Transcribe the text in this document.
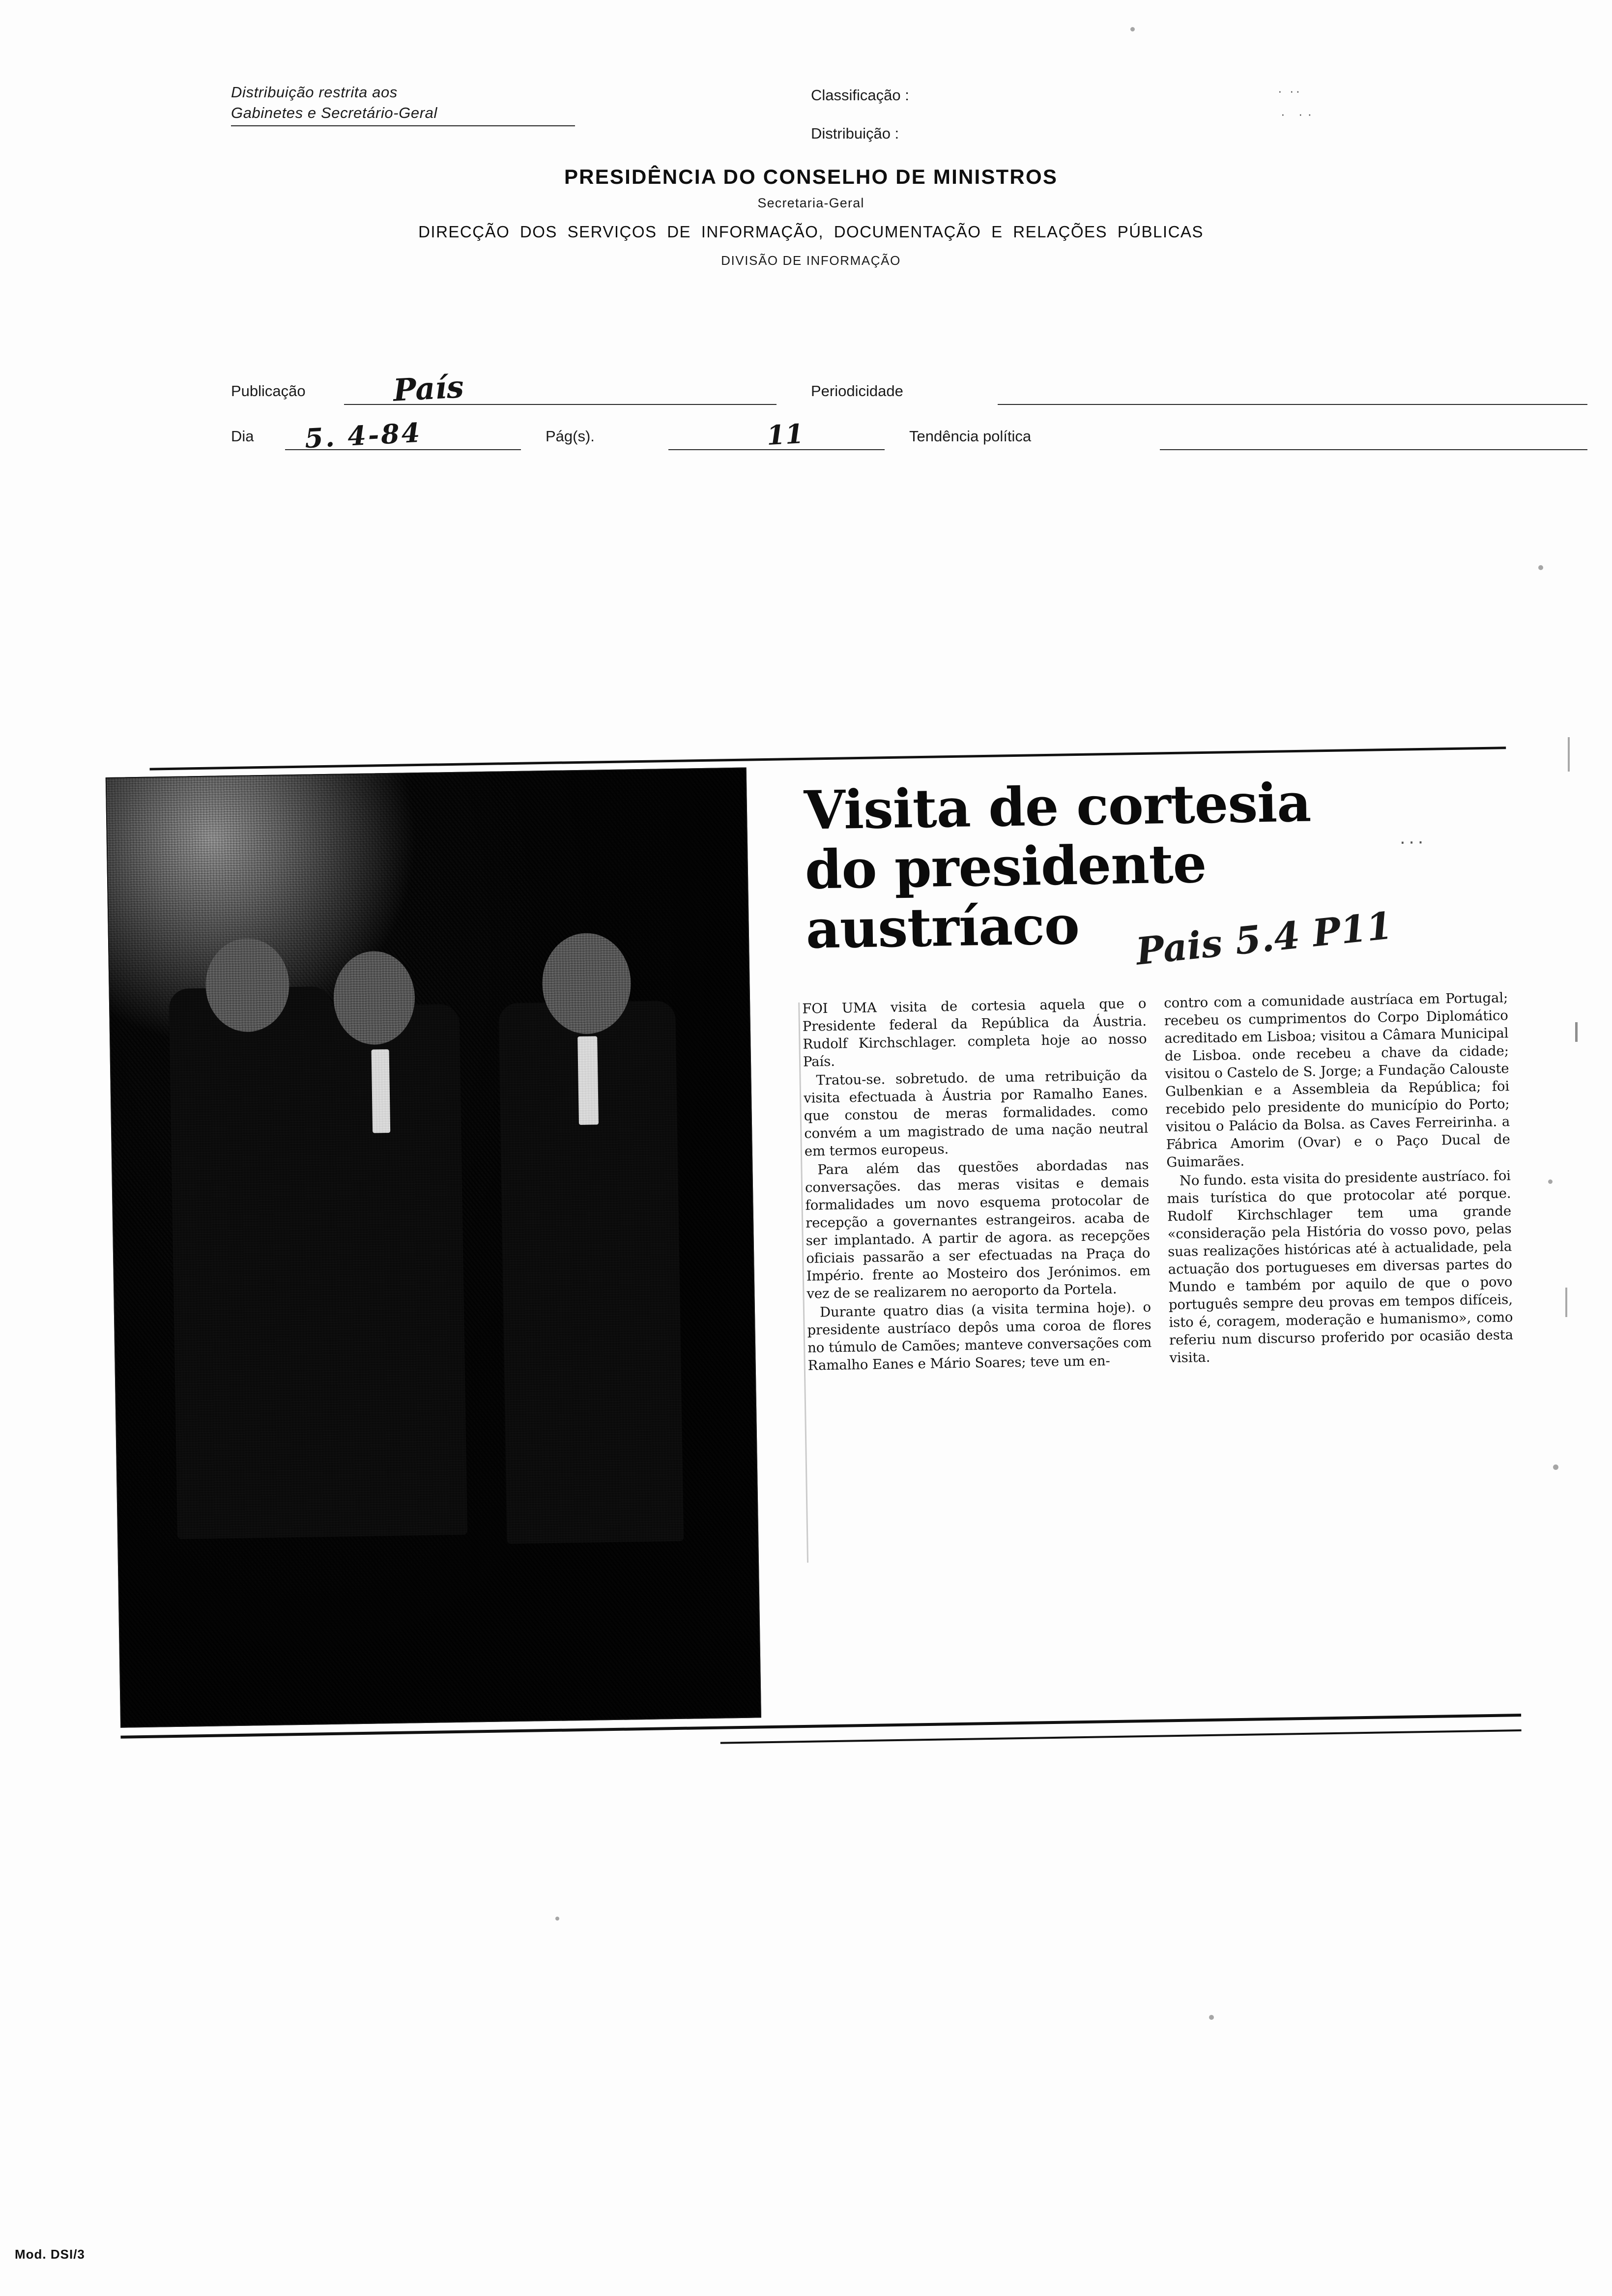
Distribuição restrita aos
Gabinetes e Secretário-Geral
Classificação :
Distribuição :
· ··
· ··
PRESIDÊNCIA DO CONSELHO DE MINISTROS
Secretaria-Geral
DIRECÇÃO DOS SERVIÇOS DE INFORMAÇÃO, DOCUMENTAÇÃO E RELAÇÕES PÚBLICAS
DIVISÃO DE INFORMAÇÃO
Publicação	País	Periodicidade
Dia 5. 4-84	Pág(s).	11	Tendência política
Visita de cortesia
do presidente
austríaco	Pais 5.4 P11
···

FOI UMA visita de cortesia aquela que o Presidente federal da República da Áustria. Rudolf Kirchschlager. completa hoje ao nosso País.

Tratou-se. sobretudo. de uma retribuição da visita efectuada à Áustria por Ramalho Eanes. que constou de meras formalidades. como convém a um magistrado de uma nação neutral em termos europeus.

Para além das questões abordadas nas conversações. das meras visitas e demais formalidades um novo esquema protocolar de recepção a governantes estrangeiros. acaba de ser implantado. A partir de agora. as recepções oficiais passarão a ser efectuadas na Praça do Império. frente ao Mosteiro dos Jerónimos. em vez de se realizarem no aeroporto da Portela.

Durante quatro dias (a visita termina hoje). o presidente austríaco depôs uma coroa de flores no túmulo de Camões; manteve conversações com Ramalho Eanes e Mário Soares; teve um en-

contro com a comunidade austríaca em Portugal; recebeu os cumprimentos do Corpo Diplomático acreditado em Lisboa; visitou a Câmara Municipal de Lisboa. onde recebeu a chave da cidade; visitou o Castelo de S. Jorge; a Fundação Calouste Gulbenkian e a Assembleia da República; foi recebido pelo presidente do município do Porto; visitou o Palácio da Bolsa. as Caves Ferreirinha. a Fábrica Amorim (Ovar) e o Paço Ducal de Guimarães.

No fundo. esta visita do presidente austríaco. foi mais turística do que protocolar até porque. Rudolf Kirchschlager tem uma grande «consideração pela História do vosso povo, pelas suas realizações históricas até à actualidade, pela actuação dos portugueses em diversas partes do Mundo e também por aquilo de que o povo português sempre deu provas em tempos difíceis, isto é, coragem, moderação e humanismo», como referiu num discurso proferido por ocasião desta visita.

Mod. DSI/3
